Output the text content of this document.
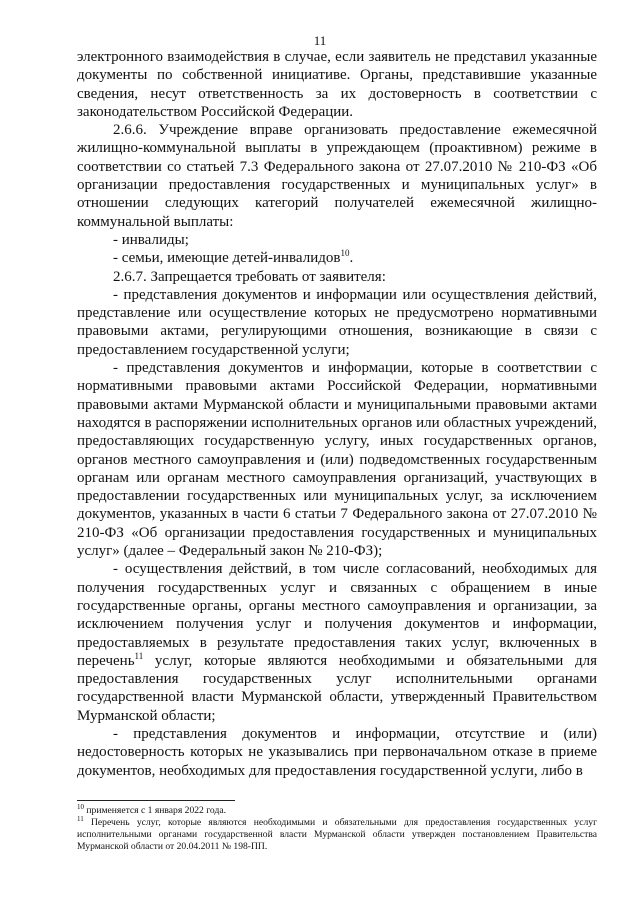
11

электронного взаимодействия в случае, если заявитель не представил указанные документы по собственной инициативе. Органы, представившие указанные сведения, несут ответственность за их достоверность в соответствии с законодательством Российской Федерации.

2.6.6. Учреждение вправе организовать предоставление ежемесячной жилищно-коммунальной выплаты в упреждающем (проактивном) режиме в соответствии со статьей 7.3 Федерального закона от 27.07.2010 № 210-ФЗ «Об организации предоставления государственных и муниципальных услуг» в отношении следующих категорий получателей ежемесячной жилищно-коммунальной выплаты:

- инвалиды;

- семьи, имеющие детей-инвалидов$^{10}$.

2.6.7. Запрещается требовать от заявителя:

- представления документов и информации или осуществления действий, представление или осуществление которых не предусмотрено нормативными правовыми актами, регулирующими отношения, возникающие в связи с предоставлением государственной услуги;

- представления документов и информации, которые в соответствии с нормативными правовыми актами Российской Федерации, нормативными правовыми актами Мурманской области и муниципальными правовыми актами находятся в распоряжении исполнительных органов или областных учреждений, предоставляющих государственную услугу, иных государственных органов, органов местного самоуправления и (или) подведомственных государственным органам или органам местного самоуправления организаций, участвующих в предоставлении государственных или муниципальных услуг, за исключением документов, указанных в части 6 статьи 7 Федерального закона от 27.07.2010 № 210-ФЗ «Об организации предоставления государственных и муниципальных услуг» (далее – Федеральный закон № 210-ФЗ);

- осуществления действий, в том числе согласований, необходимых для получения государственных услуг и связанных с обращением в иные государственные органы, органы местного самоуправления и организации, за исключением получения услуг и получения документов и информации, предоставляемых в результате предоставления таких услуг, включенных в перечень$^{11}$ услуг, которые являются необходимыми и обязательными для предоставления государственных услуг исполнительными органами государственной власти Мурманской области, утвержденный Правительством Мурманской области;

- представления документов и информации, отсутствие и (или) недостоверность которых не указывались при первоначальном отказе в приеме документов, необходимых для предоставления государственной услуги, либо в

$^{10}$ применяется с 1 января 2022 года.

$^{11}$ Перечень услуг, которые являются необходимыми и обязательными для предоставления государственных услуг исполнительными органами государственной власти Мурманской области утвержден постановлением Правительства Мурманской области от 20.04.2011 № 198-ПП.
